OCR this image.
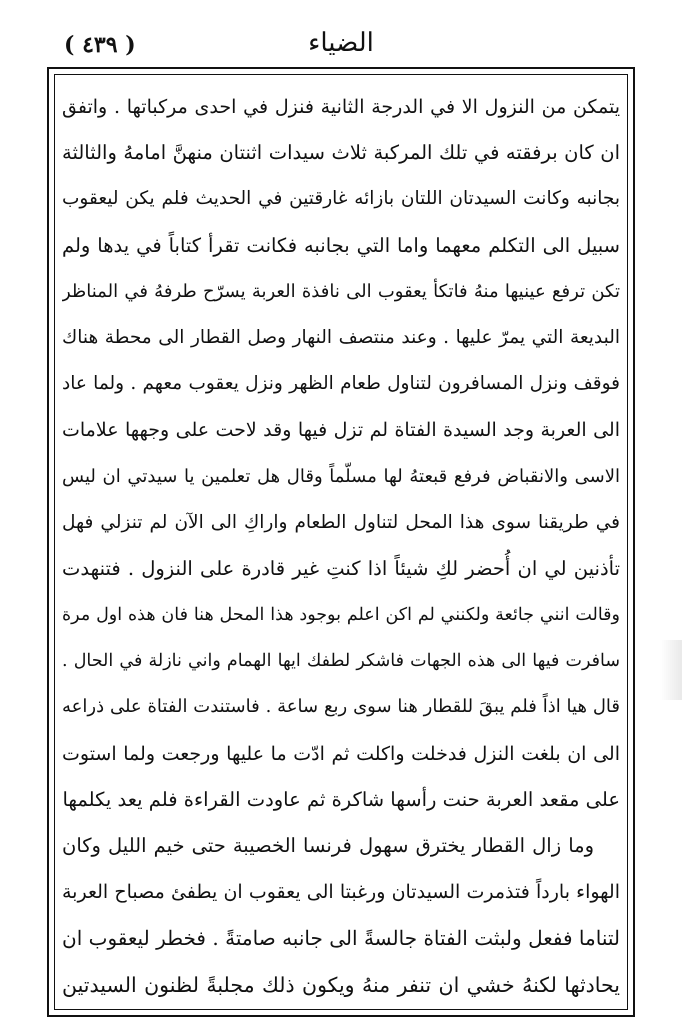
( ٤٣٩ )	الضياء
يتمكن من النزول الا في الدرجة الثانية فنزل في احدى مركباتها . واتفق
ان كان برفقته في تلك المركبة ثلاث سيدات اثنتان منهنَّ امامهُ والثالثة
بجانبه وكانت السيدتان اللتان بازائه غارقتين في الحديث فلم يكن ليعقوب
سبيل الى التكلم معهما واما التي بجانبه فكانت تقرأ كتاباً في يدها ولم
تكن ترفع عينيها منهُ فاتكأ يعقوب الى نافذة العربة يسرّح طرفهُ في المناظر
البديعة التي يمرّ عليها . وعند منتصف النهار وصل القطار الى محطة هناك
فوقف ونزل المسافرون لتناول طعام الظهر ونزل يعقوب معهم . ولما عاد
الى العربة وجد السيدة الفتاة لم تزل فيها وقد لاحت على وجهها علامات
الاسى والانقباض فرفع قبعتهُ لها مسلّماً وقال هل تعلمين يا سيدتي ان ليس
في طريقنا سوى هذا المحل لتناول الطعام واراكِ الى الآن لم تنزلي فهل
تأذنين لي ان أُحضر لكِ شيئاً اذا كنتِ غير قادرة على النزول . فتنهدت
وقالت انني جائعة ولكنني لم اكن اعلم بوجود هذا المحل هنا فان هذه اول مرة
سافرت فيها الى هذه الجهات فاشكر لطفك ايها الهمام واني نازلة في الحال .
قال هيا اذاً فلم يبقَ للقطار هنا سوى ربع ساعة . فاستندت الفتاة على ذراعه
الى ان بلغت النزل فدخلت واكلت ثم ادّت ما عليها ورجعت ولما استوت
على مقعد العربة حنت رأسها شاكرة ثم عاودت القراءة فلم يعد يكلمها
وما زال القطار يخترق سهول فرنسا الخصيبة حتى خيم الليل وكان
الهواء بارداً فتذمرت السيدتان ورغبتا الى يعقوب ان يطفئ مصباح العربة
لتناما ففعل ولبثت الفتاة جالسةً الى جانبه صامتةً . فخطر ليعقوب ان
يحادثها لكنهُ خشي ان تنفر منهُ ويكون ذلك مجلبةً لظنون السيدتين
